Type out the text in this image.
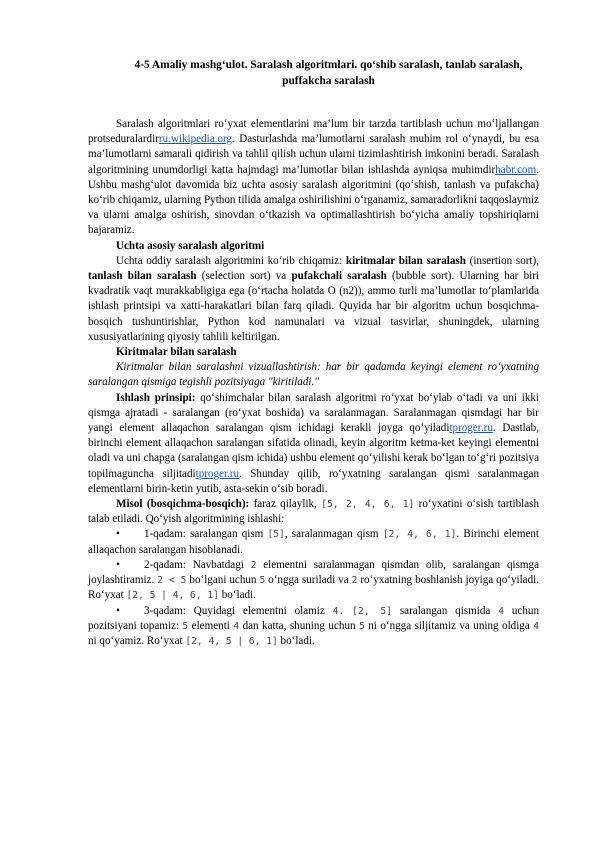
4-5 Amaliy mashg‘ulot. Saralash algoritmlari. qo‘shib saralash, tanlab saralash, puffakcha saralash

Saralash algoritmlari ro‘yxat elementlarini ma’lum bir tarzda tartiblash uchun mo‘ljallangan protseduralardirru.wikipedia.org. Dasturlashda ma’lumotlarni saralash muhim rol o‘ynaydi, bu esa ma’lumotlarni samarali qidirish va tahlil qilish uchun ularni tizimlashtirish imkonini beradi. Saralash algoritmining unumdorligi katta hajmdagi ma’lumotlar bilan ishlashda ayniqsa muhimdirhabr.com. Ushbu mashg‘ulot davomida biz uchta asosiy saralash algoritmini (qo‘shish, tanlash va pufakcha) ko‘rib chiqamiz, ularning Python tilida amalga oshirilishini o‘rganamiz, samaradorlikni taqqoslaymiz va ularni amalga oshirish, sinovdan o‘tkazish va optimallashtirish bo‘yicha amaliy topshiriqlarni bajaramiz.

Uchta asosiy saralash algoritmi

Uchta oddiy saralash algoritmini ko‘rib chiqamiz: kiritmalar bilan saralash (insertion sort), tanlash bilan saralash (selection sort) va pufakchali saralash (bubble sort). Ularning har biri kvadratik vaqt murakkabligiga ega (o‘rtacha holatda O (n2)), ammo turli ma’lumotlar to‘plamlarida ishlash printsipi va xatti-harakatlari bilan farq qiladi. Quyida har bir algoritm uchun bosqichma-bosqich tushuntirishlar, Python kod namunalari va vizual tasvirlar, shuningdek, ularning xususiyatlarining qiyosiy tahlili keltirilgan.

Kiritmalar bilan saralash

Kiritmalar bilan saralashni vizuallashtirish: har bir qadamda keyingi element ro‘yxatning saralangan qismiga tegishli pozitsiyaga "kiritiladi."

Ishlash prinsipi: qo‘shimchalar bilan saralash algoritmi ro‘yxat bo‘ylab o‘tadi va uni ikki qismga ajratadi - saralangan (ro‘yxat boshida) va saralanmagan. Saralanmagan qismdagi har bir yangi element allaqachon saralangan qism ichidagi kerakli joyga qo‘yiladitproger.ru. Dastlab, birinchi element allaqachon saralangan sifatida olinadi, keyin algoritm ketma-ket keyingi elementni oladi va uni chapga (saralangan qism ichida) ushbu element qo‘yilishi kerak bo‘lgan to‘g‘ri pozitsiya topilmaguncha siljitaditproger.ru. Shunday qilib, ro‘yxatning saralangan qismi saralanmagan elementlarni birin-ketin yutib, asta-sekin o‘sib boradi.

Misol (bosqichma-bosqich): faraz qilaylik, [5, 2, 4, 6, 1] ro‘yxatini o‘sish tartiblash talab etiladi. Qo‘yish algoritmining ishlashi:

• 1-qadam: saralangan qism [5], saralanmagan qism [2, 4, 6, 1]. Birinchi element allaqachon saralangan hisoblanadi.

• 2-qadam: Navbatdagi 2 elementni saralanmagan qismdan olib, saralangan qismga joylashtiramiz. 2 < 5 bo‘lgani uchun 5 o‘ngga suriladi va 2 ro‘yxatning boshlanish joyiga qo‘yiladi. Ro‘yxat [2, 5 | 4, 6, 1] bo‘ladi.

• 3-qadam: Quyidagi elementni olamiz 4. [2, 5] saralangan qismida 4 uchun pozitsiyani topamiz: 5 elementi 4 dan katta, shuning uchun 5 ni o‘ngga siljitamiz va uning oldiga 4 ni qo‘yamiz. Ro‘yxat [2, 4, 5 | 6, 1] bo‘ladi.
